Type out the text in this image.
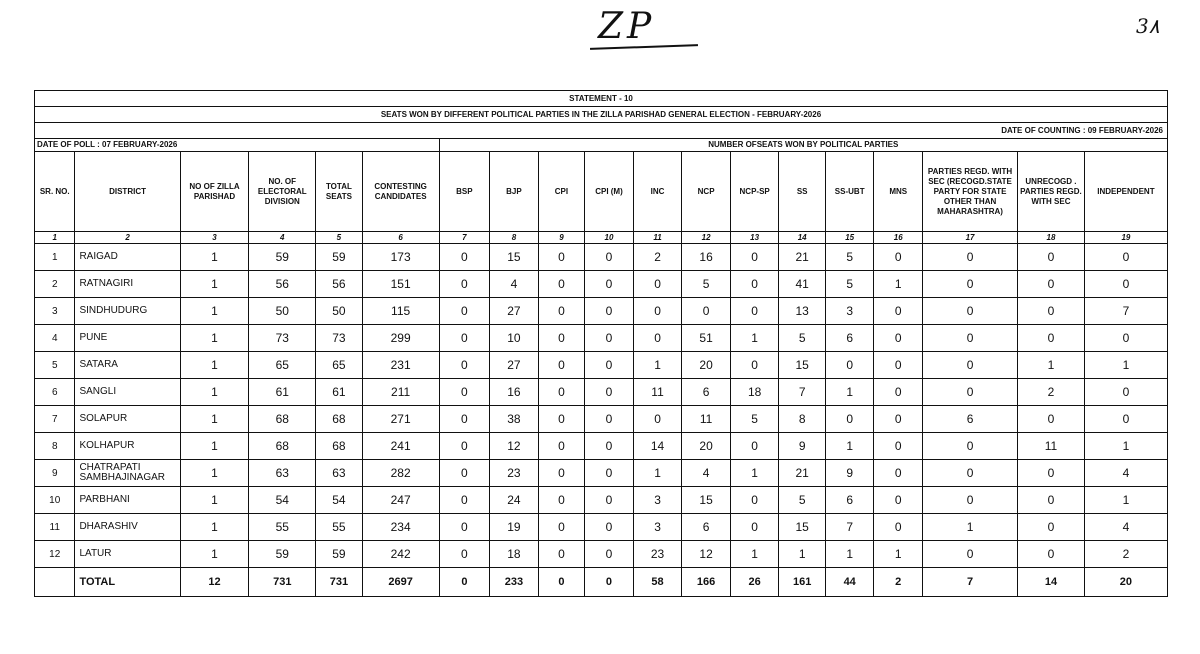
ZP	3٨
STATEMENT - 10
SEATS WON BY DIFFERENT POLITICAL PARTIES IN THE ZILLA PARISHAD GENERAL ELECTION - FEBRUARY-2026
DATE OF COUNTING : 09 FEBRUARY-2026
DATE OF POLL : 07 FEBRUARY-2026						NUMBER OFSEATS WON BY POLITICAL PARTIES												
SR. NO.	DISTRICT	NO OF ZILLA PARISHAD	NO. OF ELECTORAL DIVISION	TOTAL SEATS	CONTESTING CANDIDATES	BSP	BJP	CPI	CPI (M)	INC	NCP	NCP-SP	SS	SS-UBT	MNS	PARTIES REGD. WITH SEC (RECOGD.STATE PARTY FOR STATE OTHER THAN MAHARASHTRA)	UNRECOGD . PARTIES REGD. WITH SEC	INDEPENDENT
1	2	3	4	5	6	7	8	9	10	11	12	13	14	15	16	17	18	19
1	RAIGAD	1	59	59	173	0	15	0	0	2	16	0	21	5	0	0	0	0
2	RATNAGIRI	1	56	56	151	0	4	0	0	0	5	0	41	5	1	0	0	0
3	SINDHUDURG	1	50	50	115	0	27	0	0	0	0	0	13	3	0	0	0	7
4	PUNE	1	73	73	299	0	10	0	0	0	51	1	5	6	0	0	0	0
5	SATARA	1	65	65	231	0	27	0	0	1	20	0	15	0	0	0	1	1
6	SANGLI	1	61	61	211	0	16	0	0	11	6	18	7	1	0	0	2	0
7	SOLAPUR	1	68	68	271	0	38	0	0	0	11	5	8	0	0	6	0	0
8	KOLHAPUR	1	68	68	241	0	12	0	0	14	20	0	9	1	0	0	11	1
9	CHATRAPATI SAMBHAJINAGAR	1	63	63	282	0	23	0	0	1	4	1	21	9	0	0	0	4
10	PARBHANI	1	54	54	247	0	24	0	0	3	15	0	5	6	0	0	0	1
11	DHARASHIV	1	55	55	234	0	19	0	0	3	6	0	15	7	0	1	0	4
12	LATUR	1	59	59	242	0	18	0	0	23	12	1	1	1	1	0	0	2
	TOTAL	12	731	731	2697	0	233	0	0	58	166	26	161	44	2	7	14	20
